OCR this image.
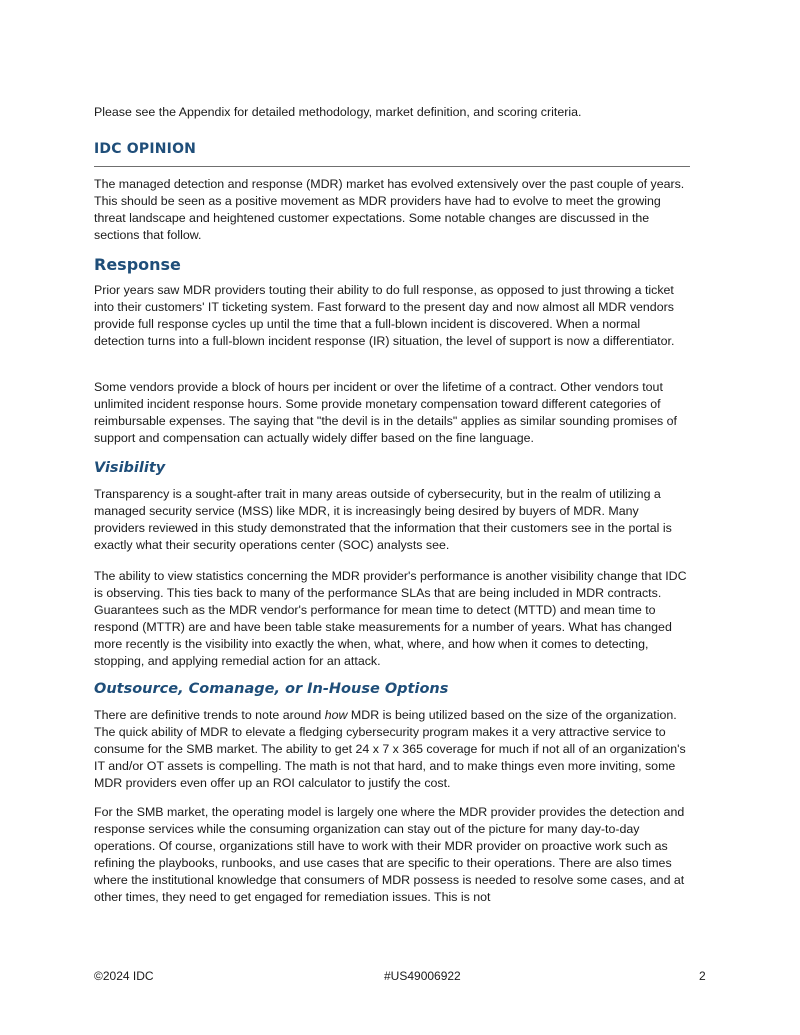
Please see the Appendix for detailed methodology, market definition, and scoring criteria.

IDC OPINION

The managed detection and response (MDR) market has evolved extensively over the past couple of years. This should be seen as a positive movement as MDR providers have had to evolve to meet the growing threat landscape and heightened customer expectations. Some notable changes are discussed in the sections that follow.

Response

Prior years saw MDR providers touting their ability to do full response, as opposed to just throwing a ticket into their customers' IT ticketing system. Fast forward to the present day and now almost all MDR vendors provide full response cycles up until the time that a full-blown incident is discovered. When a normal detection turns into a full-blown incident response (IR) situation, the level of support is now a differentiator.

Some vendors provide a block of hours per incident or over the lifetime of a contract. Other vendors tout unlimited incident response hours. Some provide monetary compensation toward different categories of reimbursable expenses. The saying that "the devil is in the details" applies as similar sounding promises of support and compensation can actually widely differ based on the fine language.

Visibility

Transparency is a sought-after trait in many areas outside of cybersecurity, but in the realm of utilizing a managed security service (MSS) like MDR, it is increasingly being desired by buyers of MDR. Many providers reviewed in this study demonstrated that the information that their customers see in the portal is exactly what their security operations center (SOC) analysts see.

The ability to view statistics concerning the MDR provider's performance is another visibility change that IDC is observing. This ties back to many of the performance SLAs that are being included in MDR contracts. Guarantees such as the MDR vendor's performance for mean time to detect (MTTD) and mean time to respond (MTTR) are and have been table stake measurements for a number of years. What has changed more recently is the visibility into exactly the when, what, where, and how when it comes to detecting, stopping, and applying remedial action for an attack.

Outsource, Comanage, or In-House Options

There are definitive trends to note around how MDR is being utilized based on the size of the organization. The quick ability of MDR to elevate a fledging cybersecurity program makes it a very attractive service to consume for the SMB market. The ability to get 24 x 7 x 365 coverage for much if not all of an organization's IT and/or OT assets is compelling. The math is not that hard, and to make things even more inviting, some MDR providers even offer up an ROI calculator to justify the cost.

For the SMB market, the operating model is largely one where the MDR provider provides the detection and response services while the consuming organization can stay out of the picture for many day-to-day operations. Of course, organizations still have to work with their MDR provider on proactive work such as refining the playbooks, runbooks, and use cases that are specific to their operations. There are also times where the institutional knowledge that consumers of MDR possess is needed to resolve some cases, and at other times, they need to get engaged for remediation issues. This is not

©2024 IDC	#US49006922	2
